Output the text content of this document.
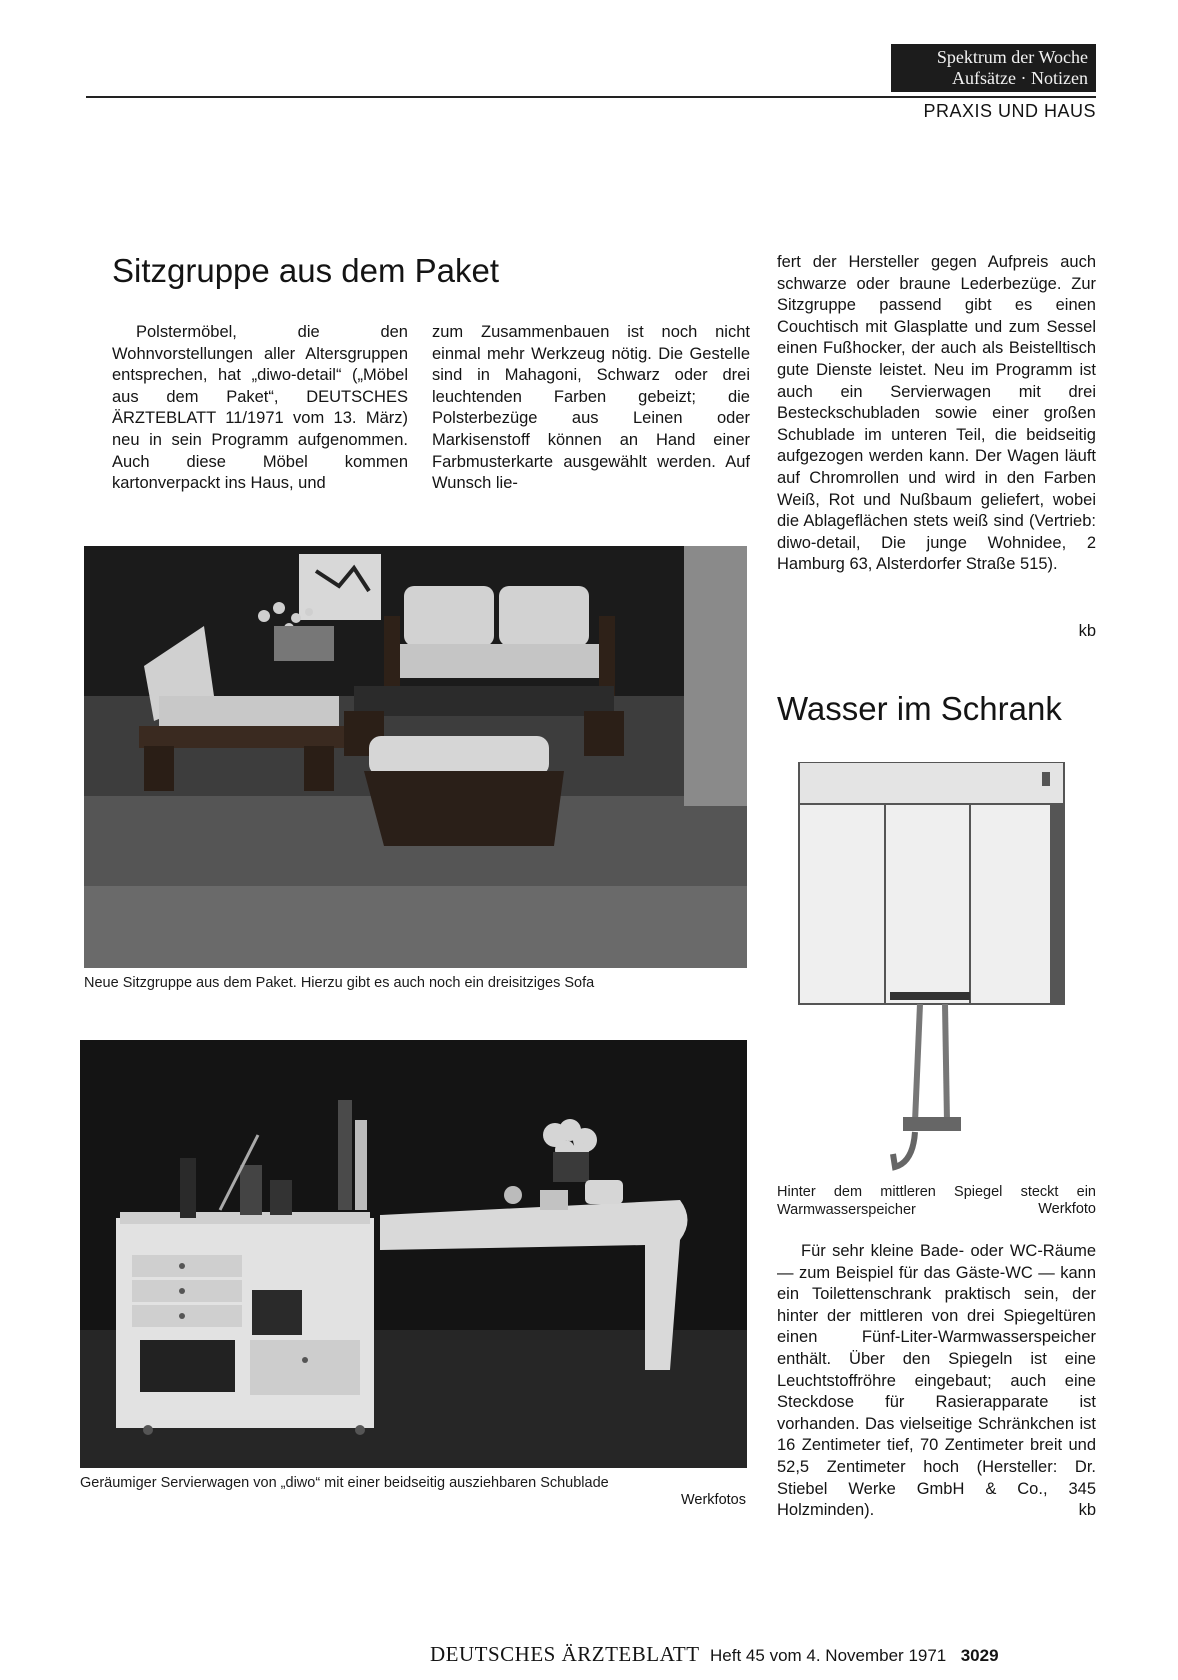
Spektrum der Woche
Aufsätze · Notizen
PRAXIS UND HAUS
Sitzgruppe aus dem Paket

Polstermöbel, die den Wohnvorstellungen aller Altersgruppen entsprechen, hat „diwo-detail“ („Möbel aus dem Paket“, DEUTSCHES ÄRZTEBLATT 11/1971 vom 13. März) neu in sein Programm aufgenommen. Auch diese Möbel kommen kartonverpackt ins Haus, und

zum Zusammenbauen ist noch nicht einmal mehr Werkzeug nötig. Die Gestelle sind in Mahagoni, Schwarz oder drei leuchtenden Farben gebeizt; die Polsterbezüge aus Leinen oder Markisenstoff können an Hand einer Farbmusterkarte ausgewählt werden. Auf Wunsch lie-

fert der Hersteller gegen Aufpreis auch schwarze oder braune Lederbezüge. Zur Sitzgruppe passend gibt es einen Couchtisch mit Glasplatte und zum Sessel einen Fußhocker, der auch als Beistelltisch gute Dienste leistet. Neu im Programm ist auch ein Servierwagen mit drei Besteckschubladen sowie einer großen Schublade im unteren Teil, die beidseitig aufgezogen werden kann. Der Wagen läuft auf Chromrollen und wird in den Farben Weiß, Rot und Nußbaum geliefert, wobei die Ablageflächen stets weiß sind (Vertrieb: diwo-detail, Die junge Wohnidee, 2 Hamburg 63, Alsterdorfer Straße 515).

kb

Neue Sitzgruppe aus dem Paket. Hierzu gibt es auch noch ein dreisitziges Sofa

Geräumiger Servierwagen von „diwo“ mit einer beidseitig ausziehbaren Schublade

Werkfotos
Wasser im Schrank

Hinter dem mittleren Spiegel steckt ein Warmwasserspeicher	Werkfoto

Für sehr kleine Bade- oder WC-Räume — zum Beispiel für das Gäste-WC — kann ein Toilettenschrank praktisch sein, der hinter der mittleren von drei Spiegeltüren einen Fünf-Liter-Warmwasserspeicher enthält. Über den Spiegeln ist eine Leuchtstoffröhre eingebaut; auch eine Steckdose für Rasierapparate ist vorhanden. Das vielseitige Schränkchen ist 16 Zentimeter tief, 70 Zentimeter breit und 52,5 Zentimeter hoch (Hersteller: Dr. Stiebel Werke GmbH & Co., 345 Holzminden).	kb

DEUTSCHES ÄRZTEBLATT Heft 45 vom 4. November 1971 3029
